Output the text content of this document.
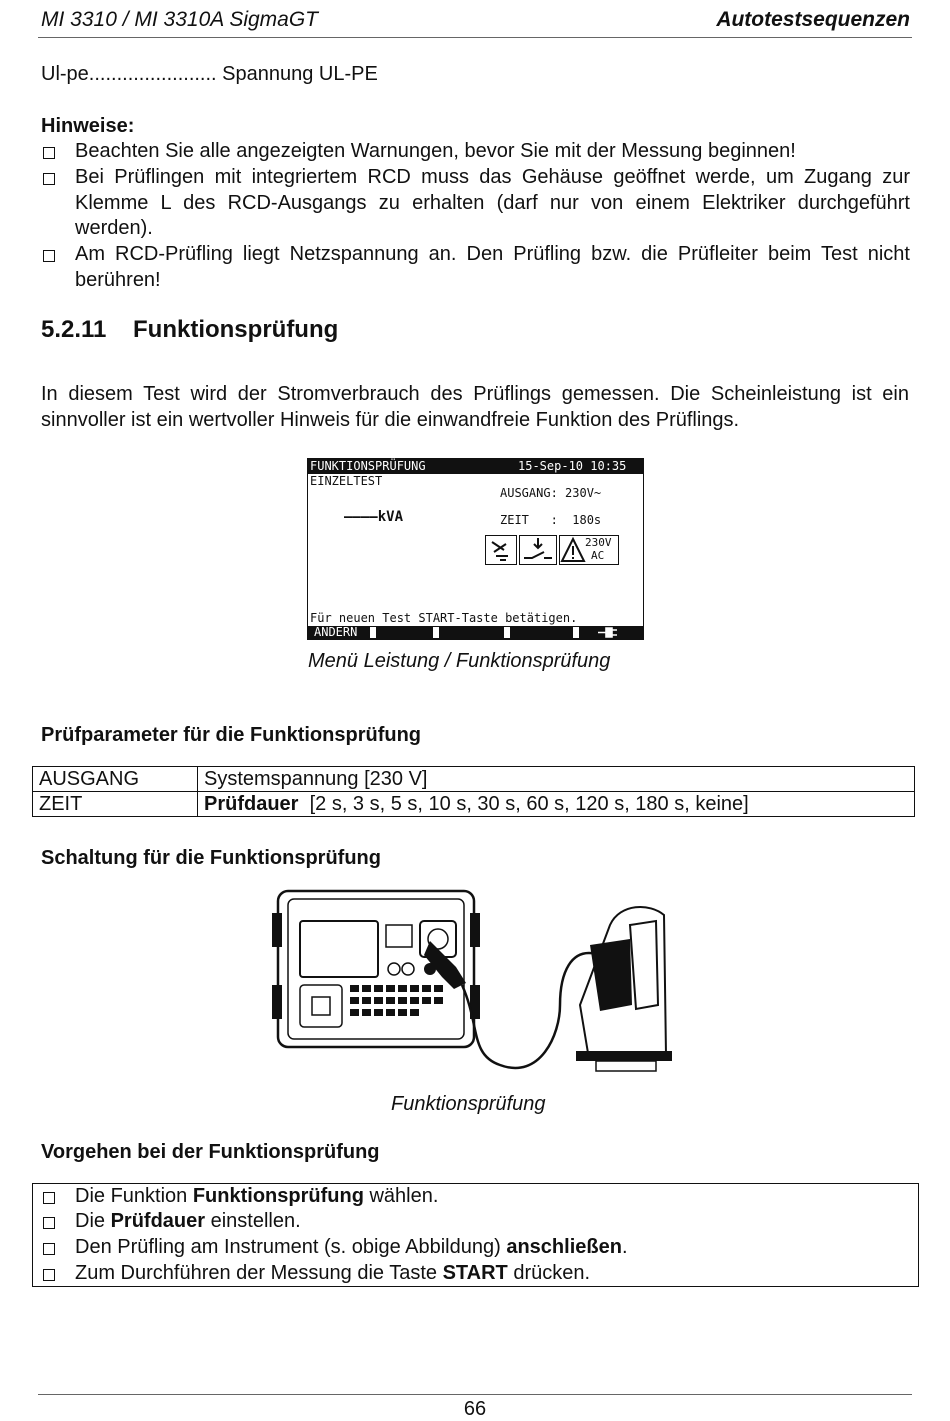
MI 3310 / MI 3310A SigmaGT	Autotestsequenzen
Ul-pe....................... Spannung UL-PE
Hinweise:
Beachten Sie alle angezeigten Warnungen, bevor Sie mit der Messung beginnen!
Bei Prüflingen mit integriertem RCD muss das Gehäuse geöffnet werde, um Zugang zur Klemme L des RCD-Ausgangs zu erhalten (darf nur von einem Elektriker durchgeführt werden).
Am RCD-Prüfling liegt Netzspannung an. Den Prüfling bzw. die Prüfleiter beim Test nicht berühren!
5.2.11 Funktionsprüfung
In diesem Test wird der Stromverbrauch des Prüflings gemessen. Die Scheinleistung ist ein sinnvoller ist ein wertvoller Hinweis für die einwandfreie Funktion des Prüflings.
FUNKTIONSPRÜFUNG	15-Sep-10 10:35
EINZELTEST
AUSGANG: 230V~
————kVA	ZEIT   :  180s
230V
AC
Für neuen Test START-Taste betätigen.
ÄNDERN
Menü Leistung / Funktionsprüfung
Prüfparameter für die Funktionsprüfung
AUSGANG	Systemspannung [230 V]
ZEIT	Prüfdauer  [2 s, 3 s, 5 s, 10 s, 30 s, 60 s, 120 s, 180 s, keine]
Schaltung für die Funktionsprüfung
Funktionsprüfung
Vorgehen bei der Funktionsprüfung
Die Funktion Funktionsprüfung wählen.
Die Prüfdauer einstellen.
Den Prüfling am Instrument (s. obige Abbildung) anschließen.
Zum Durchführen der Messung die Taste START drücken.
66
